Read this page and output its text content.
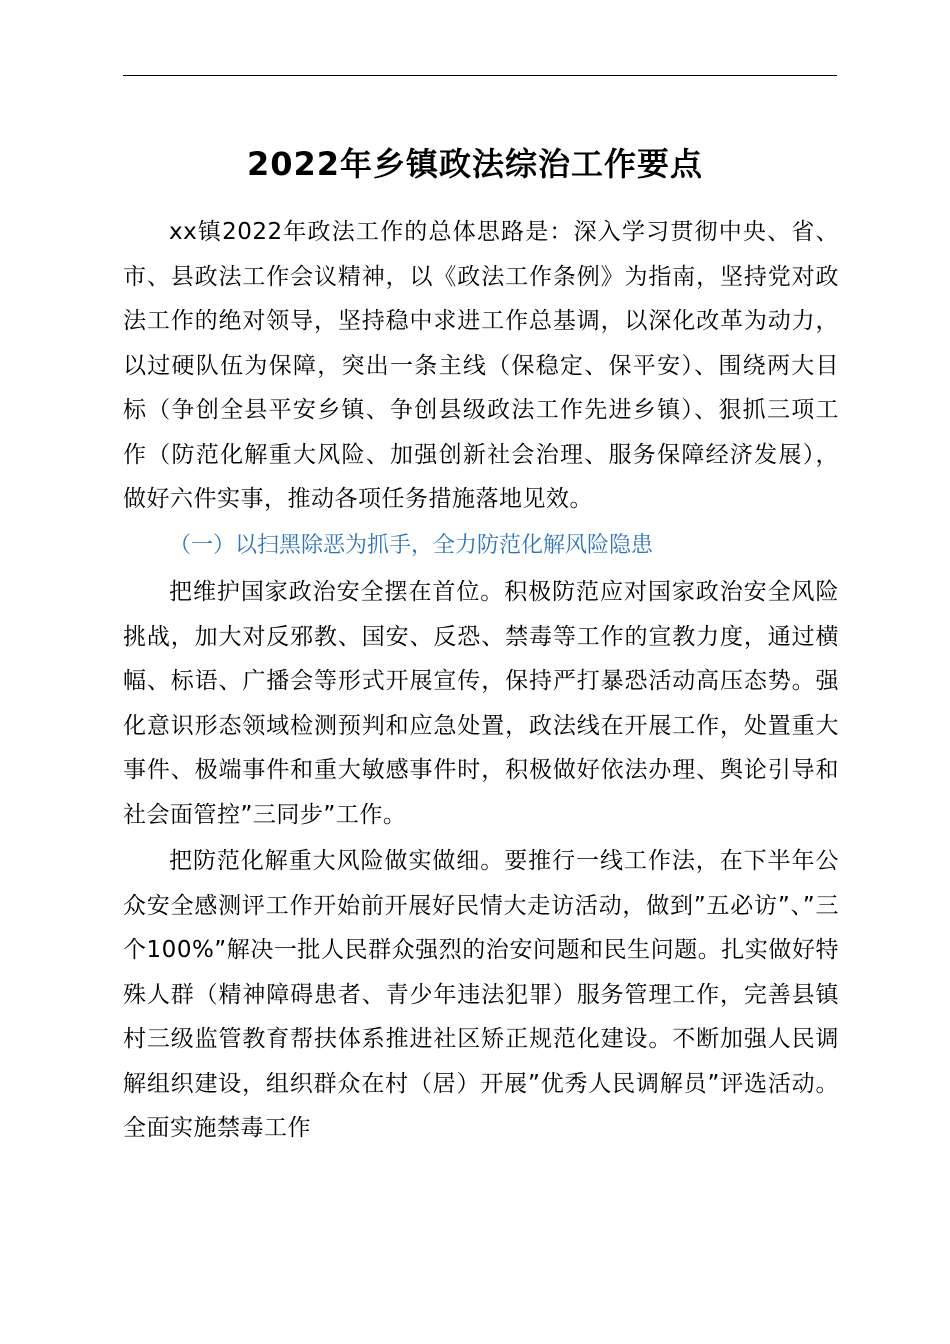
2022年乡镇政法综治工作要点

xx镇2022年政法工作的总体思路是：深入学习贯彻中央、省、市、县政法工作会议精神，以《政法工作条例》为指南，坚持党对政法工作的绝对领导，坚持稳中求进工作总基调，以深化改革为动力，以过硬队伍为保障，突出一条主线（保稳定、保平安）、围绕两大目标（争创全县平安乡镇、争创县级政法工作先进乡镇）、狠抓三项工作（防范化解重大风险、加强创新社会治理、服务保障经济发展），做好六件实事，推动各项任务措施落地见效。

（一）以扫黑除恶为抓手，全力防范化解风险隐患

把维护国家政治安全摆在首位。积极防范应对国家政治安全风险挑战，加大对反邪教、国安、反恐、禁毒等工作的宣教力度，通过横幅、标语、广播会等形式开展宣传，保持严打暴恐活动高压态势。强化意识形态领域检测预判和应急处置，政法线在开展工作，处置重大事件、极端事件和重大敏感事件时，积极做好依法办理、舆论引导和社会面管控”三同步”工作。

把防范化解重大风险做实做细。要推行一线工作法，在下半年公众安全感测评工作开始前开展好民情大走访活动，做到”五必访”、”三个100%”解决一批人民群众强烈的治安问题和民生问题。扎实做好特殊人群（精神障碍患者、青少年违法犯罪）服务管理工作，完善县镇村三级监管教育帮扶体系推进社区矫正规范化建设。不断加强人民调解组织建设，组织群众在村（居）开展”优秀人民调解员”评选活动。全面实施禁毒工作
